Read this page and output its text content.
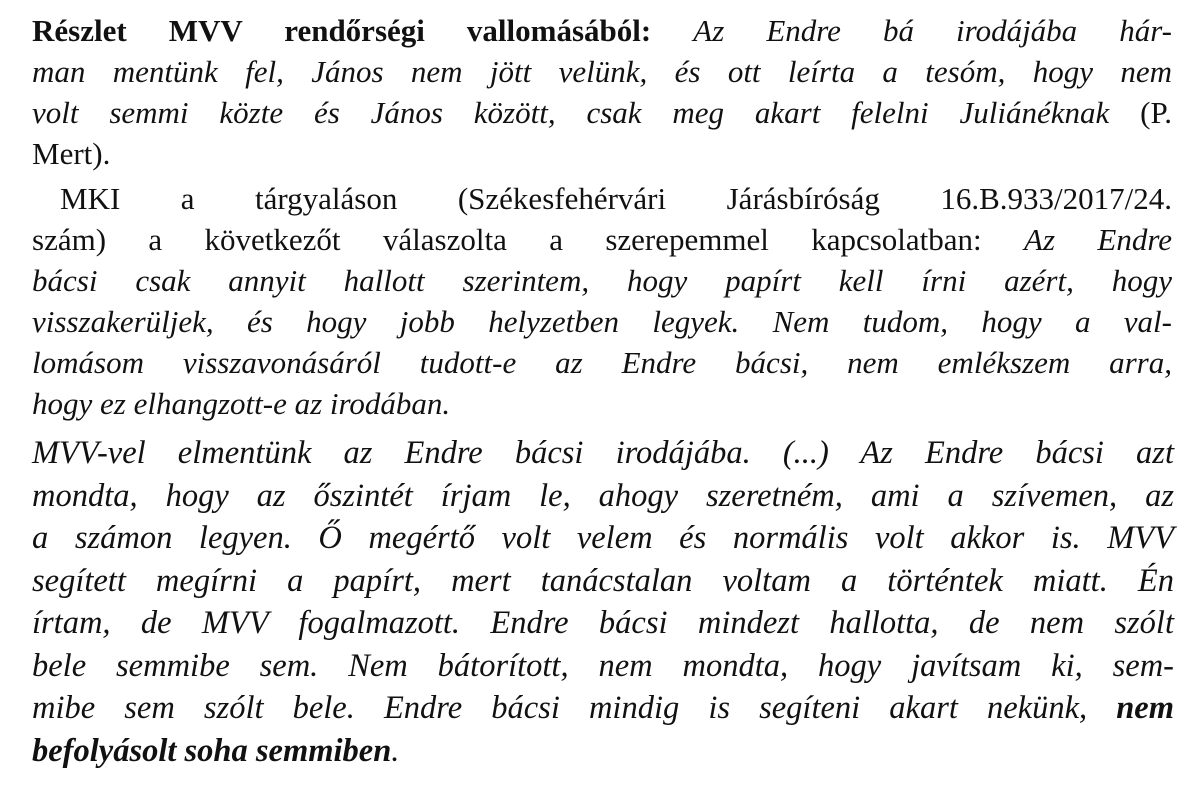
Részlet MVV rendőrségi vallomásából: Az Endre bá irodájába hár-
man mentünk fel, János nem jött velünk, és ott leírta a tesóm, hogy nem
volt semmi közte és János között, csak meg akart felelni Juliánéknak (P.
Mert).

MKI a tárgyaláson (Székesfehérvári Járásbíróság 16.B.933/2017/24.
szám) a következőt válaszolta a szerepemmel kapcsolatban: Az Endre
bácsi csak annyit hallott szerintem, hogy papírt kell írni azért, hogy
visszakerüljek, és hogy jobb helyzetben legyek. Nem tudom, hogy a val-
lomásom visszavonásáról tudott-e az Endre bácsi, nem emlékszem arra,
hogy ez elhangzott-e az irodában.

MVV-vel elmentünk az Endre bácsi irodájába. (...) Az Endre bácsi azt
mondta, hogy az őszintét írjam le, ahogy szeretném, ami a szívemen, az
a számon legyen. Ő megértő volt velem és normális volt akkor is. MVV
segített megírni a papírt, mert tanácstalan voltam a történtek miatt. Én
írtam, de MVV fogalmazott. Endre bácsi mindezt hallotta, de nem szólt
bele semmibe sem. Nem bátorított, nem mondta, hogy javítsam ki, sem-
mibe sem szólt bele. Endre bácsi mindig is segíteni akart nekünk, nem
befolyásolt soha semmiben.
